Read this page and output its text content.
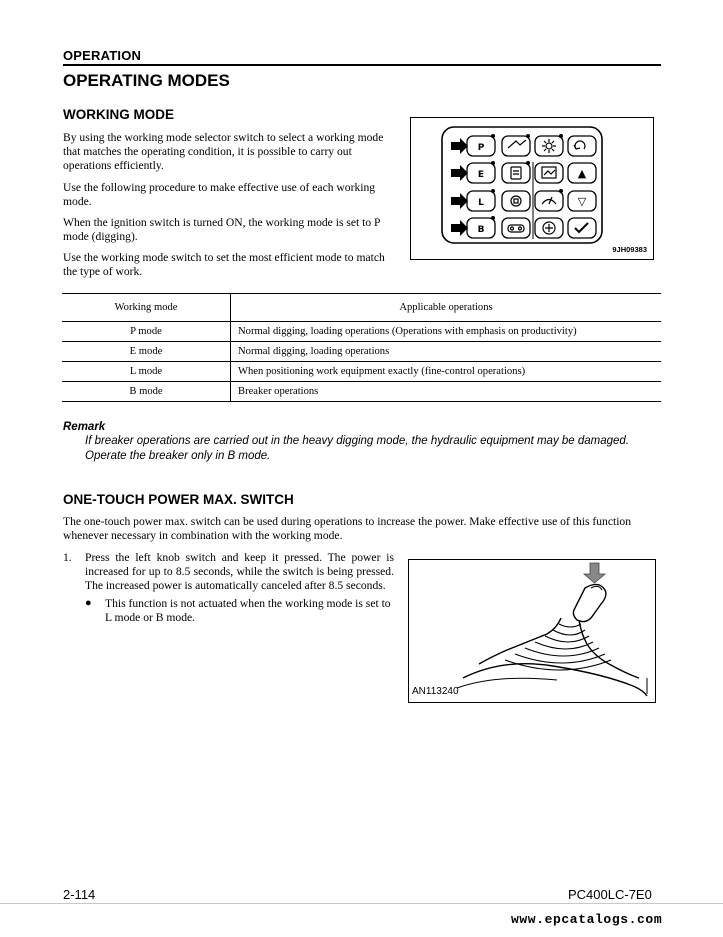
OPERATION
OPERATING MODES
WORKING MODE
By using the working mode selector switch to select a working mode that matches the operating condition, it is possible to carry out operations efficiently.
Use the following procedure to make effective use of each working mode.
When the ignition switch is turned ON, the working mode is set to P mode (digging).
Use the working mode switch to set the most efficient mode to match the type of work.
P
E
L
B
▲
▽
9JH09383
Working mode	Applicable operations
P mode	Normal digging, loading operations (Operations with emphasis on productivity)
E mode	Normal digging, loading operations
L mode	When positioning work equipment exactly (fine-control operations)
B mode	Breaker operations
Remark
If breaker operations are carried out in the heavy digging mode, the hydraulic equipment may be damaged. Operate the breaker only in B mode.
ONE-TOUCH POWER MAX. SWITCH
The one-touch power max. switch can be used during operations to increase the power. Make effective use of this function whenever necessary in combination with the working mode.
1. Press the left knob switch and keep it pressed. The power is increased for up to 8.5 seconds, while the switch is being pressed. The increased power is automatically canceled after 8.5 seconds.
● This function is not actuated when the working mode is set to L mode or B mode.
AN113240
2-114	PC400LC-7E0
www.epcatalogs.com
